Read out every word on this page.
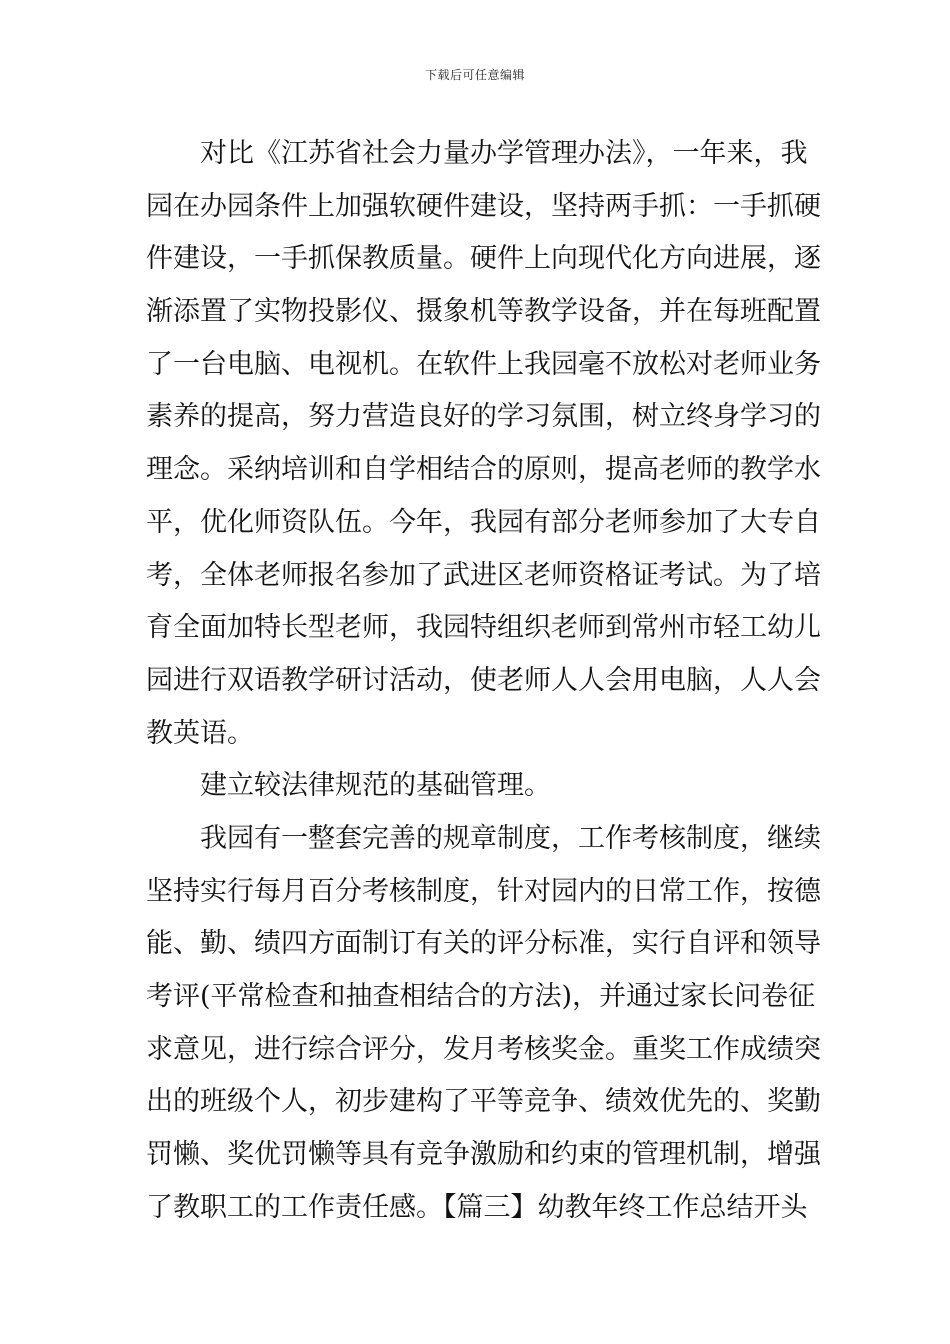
下载后可任意编辑
对比《江苏省社会力量办学管理办法》，一年来，我
园在办园条件上加强软硬件建设，坚持两手抓：一手抓硬
件建设，一手抓保教质量。硬件上向现代化方向进展，逐
渐添置了实物投影仪、摄象机等教学设备，并在每班配置
了一台电脑、电视机。在软件上我园毫不放松对老师业务
素养的提高，努力营造良好的学习氛围，树立终身学习的
理念。采纳培训和自学相结合的原则，提高老师的教学水
平，优化师资队伍。今年，我园有部分老师参加了大专自
考，全体老师报名参加了武进区老师资格证考试。为了培
育全面加特长型老师，我园特组织老师到常州市轻工幼儿
园进行双语教学研讨活动，使老师人人会用电脑，人人会
教英语。
建立较法律规范的基础管理。
我园有一整套完善的规章制度，工作考核制度，继续
坚持实行每月百分考核制度，针对园内的日常工作，按德
能、勤、绩四方面制订有关的评分标准，实行自评和领导
考评(平常检查和抽查相结合的方法)，并通过家长问卷征
求意见，进行综合评分，发月考核奖金。重奖工作成绩突
出的班级个人，初步建构了平等竞争、绩效优先的、奖勤
罚懒、奖优罚懒等具有竞争激励和约束的管理机制，增强
了教职工的工作责任感。【篇三】幼教年终工作总结开头
